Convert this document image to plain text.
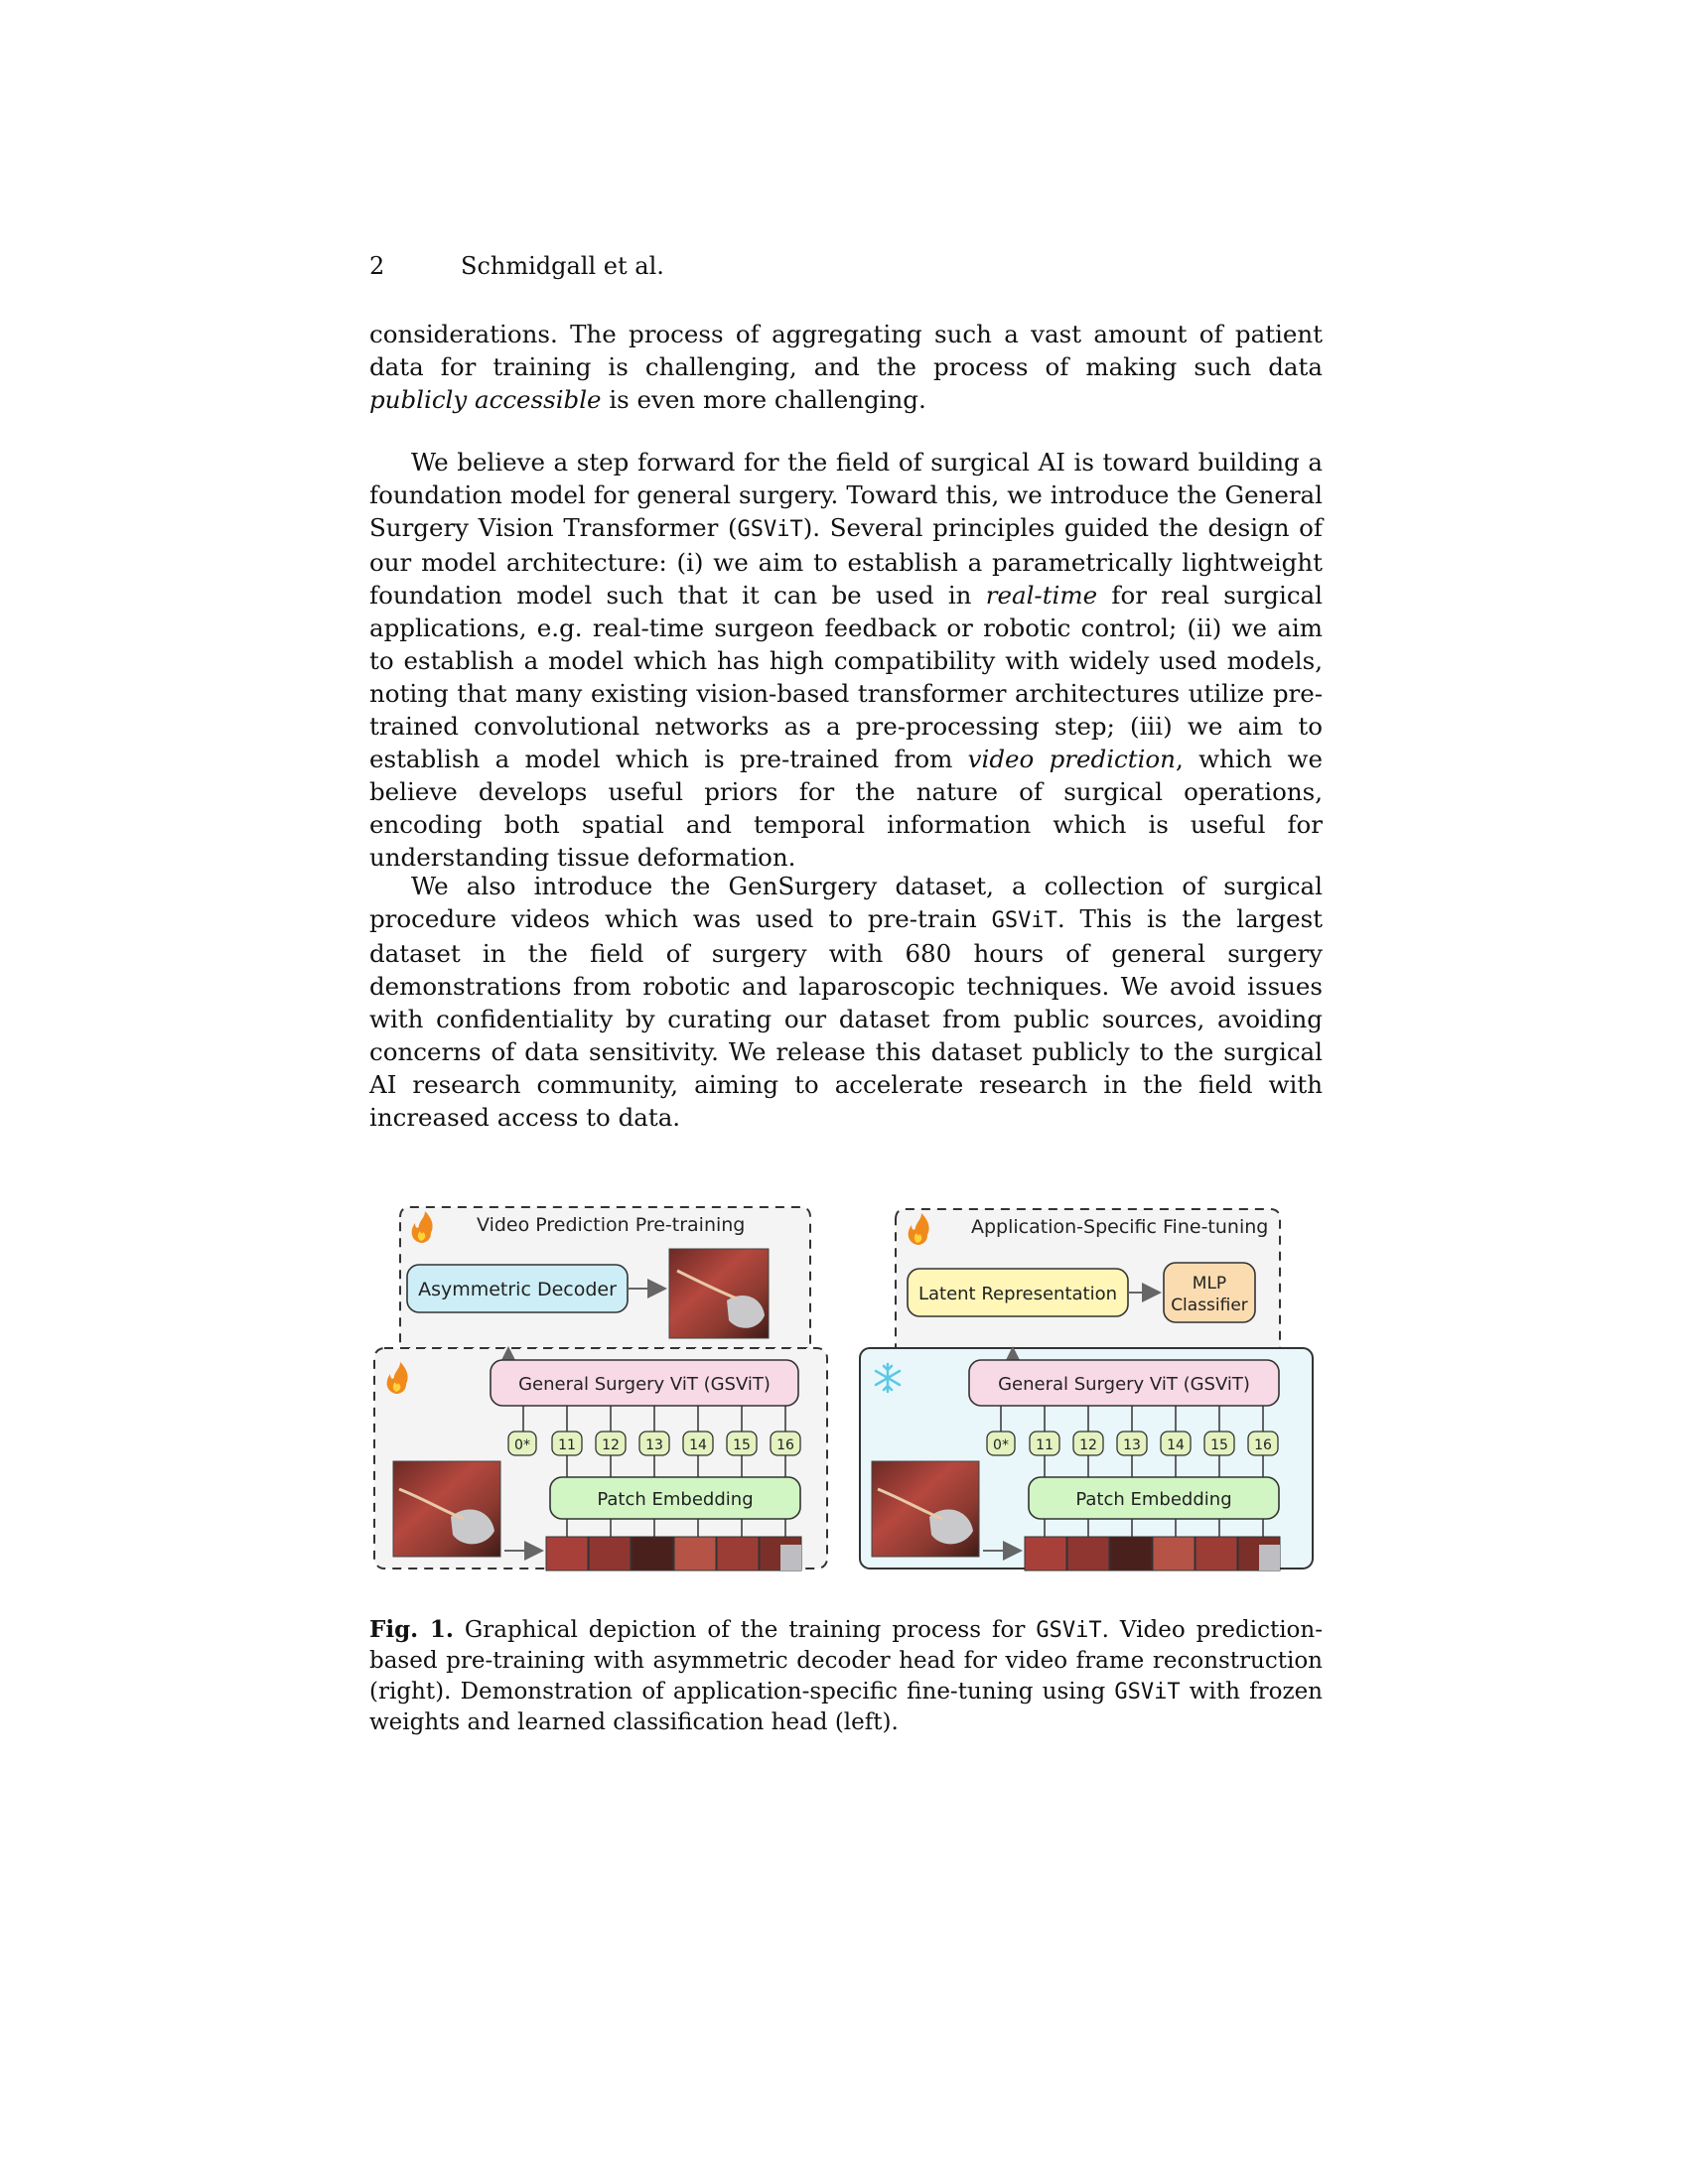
2	Schmidgall et al.

considerations. The process of aggregating such a vast amount of patient data for training is challenging, and the process of making such data publicly accessible is even more challenging.

We believe a step forward for the field of surgical AI is toward building a foundation model for general surgery. Toward this, we introduce the General Surgery Vision Transformer (GSViT). Several principles guided the design of our model architecture: (i) we aim to establish a parametrically lightweight foundation model such that it can be used in real-time for real surgical applications, e.g. real-time surgeon feedback or robotic control; (ii) we aim to establish a model which has high compatibility with widely used models, noting that many existing vision-based transformer architectures utilize pre-trained convolutional networks as a pre-processing step; (iii) we aim to establish a model which is pre-trained from video prediction, which we believe develops useful priors for the nature of surgical operations, encoding both spatial and temporal information which is useful for understanding tissue deformation.

We also introduce the GenSurgery dataset, a collection of surgical procedure videos which was used to pre-train GSViT. This is the largest dataset in the field of surgery with 680 hours of general surgery demonstrations from robotic and laparoscopic techniques. We avoid issues with confidentiality by curating our dataset from public sources, avoiding concerns of data sensitivity. We release this dataset publicly to the surgical AI research community, aiming to accelerate research in the field with increased access to data.

Video Prediction Pre-training
Asymmetric Decoder
General Surgery ViT (GSViT)
0* 11 12 13 14 15 16
Patch Embedding
Application-Specific Fine-tuning
Latent Representation	MLP
Classifier
General Surgery ViT (GSViT)
0* 11 12 13 14 15 16
Patch Embedding
Fig. 1. Graphical depiction of the training process for GSViT. Video prediction-based pre-training with asymmetric decoder head for video frame reconstruction (right). Demonstration of application-specific fine-tuning using GSViT with frozen weights and learned classification head (left).
